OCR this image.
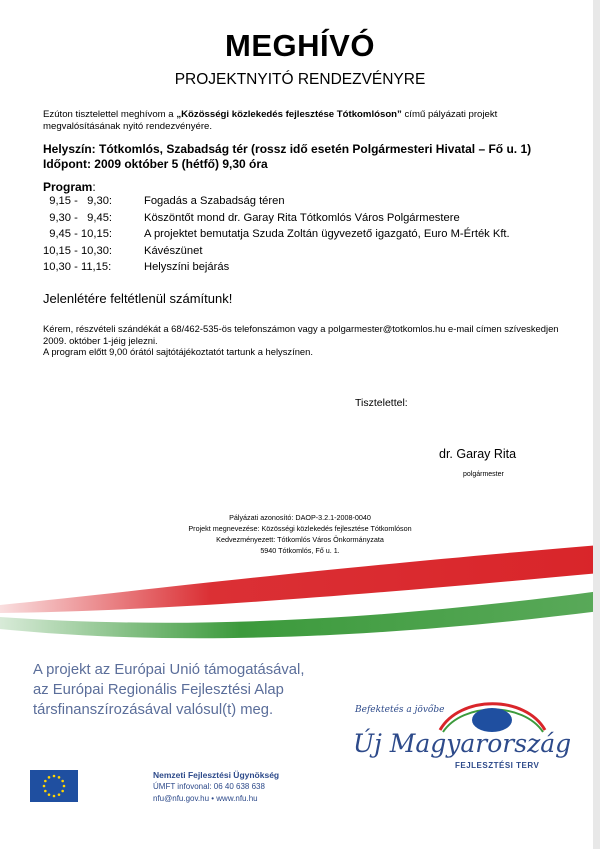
MEGHÍVÓ
PROJEKTNYITÓ RENDEZVÉNYRE
Ezúton tisztelettel meghívom a „Közösségi közlekedés fejlesztése Tótkomlóson” című pályázati projekt megvalósításának nyitó rendezvényére.
Helyszín: Tótkomlós, Szabadság tér (rossz idő esetén Polgármesteri Hivatal – Fő u. 1)
Időpont: 2009 október 5 (hétfő) 9,30 óra
Program:
9,15 -   9,30:	Fogadás a Szabadság téren
9,30 -   9,45:	Köszöntőt mond dr. Garay Rita Tótkomlós Város Polgármestere
9,45 - 10,15:	A projektet bemutatja Szuda Zoltán ügyvezető igazgató, Euro M-Érték Kft.
10,15 - 10,30:	Kávészünet
10,30 - 11,15:	Helyszíni bejárás
Jelenlétére feltétlenül számítunk!
Kérem, részvételi szándékát a 68/462-535-ös telefonszámon vagy a polgarmester@totkomlos.hu e-mail címen szíveskedjen 2009. október 1-jéig jelezni.
A program előtt 9,00 órától sajtótájékoztatót tartunk a helyszínen.
Tisztelettel:
dr. Garay Rita
polgármester
Pályázati azonosító: DAOP-3.2.1-2008-0040
Projekt megnevezése: Közösségi közlekedés fejlesztése Tótkomlóson
Kedvezményezett: Tótkomlós Város Önkormányzata
5940 Tótkomlós, Fő u. 1.
A projekt az Európai Unió támogatásával,
az Európai Regionális Fejlesztési Alap
társfinanszírozásával valósul(t) meg.
Nemzeti Fejlesztési Ügynökség
ÚMFT infovonal: 06 40 638 638
nfu@nfu.gov.hu • www.nfu.hu
Befektetés a jövőbe
Új Magyarország
FEJLESZTÉSI TERV
